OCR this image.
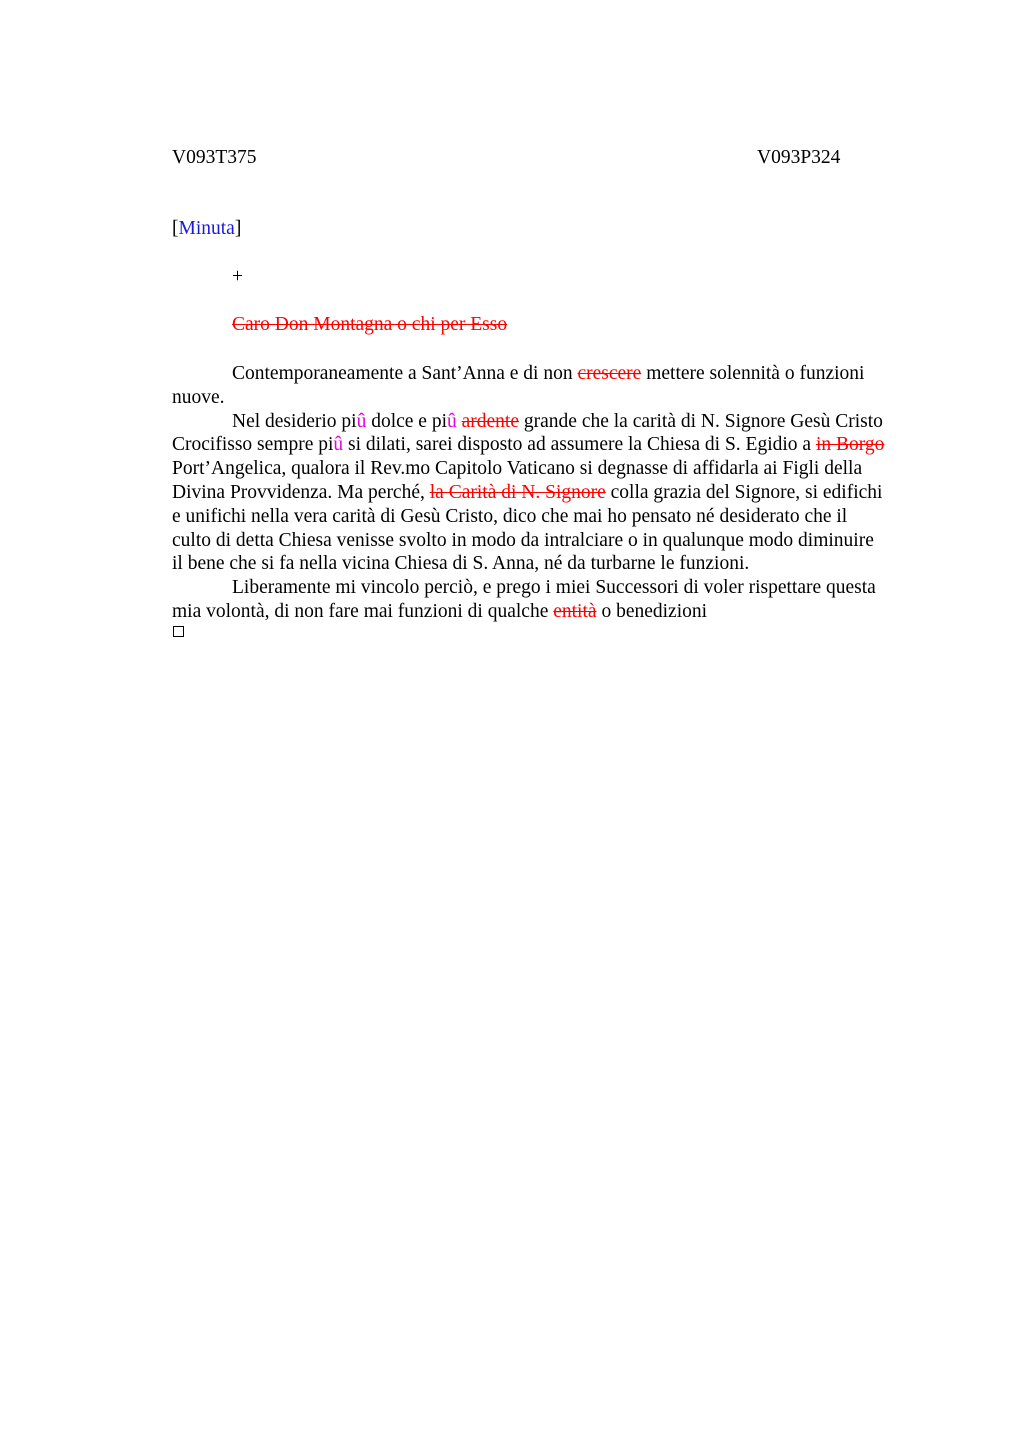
V093T375	V093P324
[Minuta]
+
Caro Don Montagna o chi per Esso

Contemporaneamente a Sant’Anna e di non crescere mettere solennità o funzioni
nuove.

Nel desiderio piû dolce e piû ardente grande che la carità di N. Signore Gesù Cristo
Crocifisso sempre piû si dilati, sarei disposto ad assumere la Chiesa di S. Egidio a in Borgo
Port’Angelica, qualora il Rev.mo Capitolo Vaticano si degnasse di affidarla ai Figli della
Divina Provvidenza. Ma perché, la Carità di N. Signore colla grazia del Signore, si edifichi
e unifichi nella vera carità di Gesù Cristo, dico che mai ho pensato né desiderato che il
culto di detta Chiesa venisse svolto in modo da intralciare o in qualunque modo diminuire
il bene che si fa nella vicina Chiesa di S. Anna, né da turbarne le funzioni.

Liberamente mi vincolo perciò, e prego i miei Successori di voler rispettare questa
mia volontà, di non fare mai funzioni di qualche entità o benedizioni
